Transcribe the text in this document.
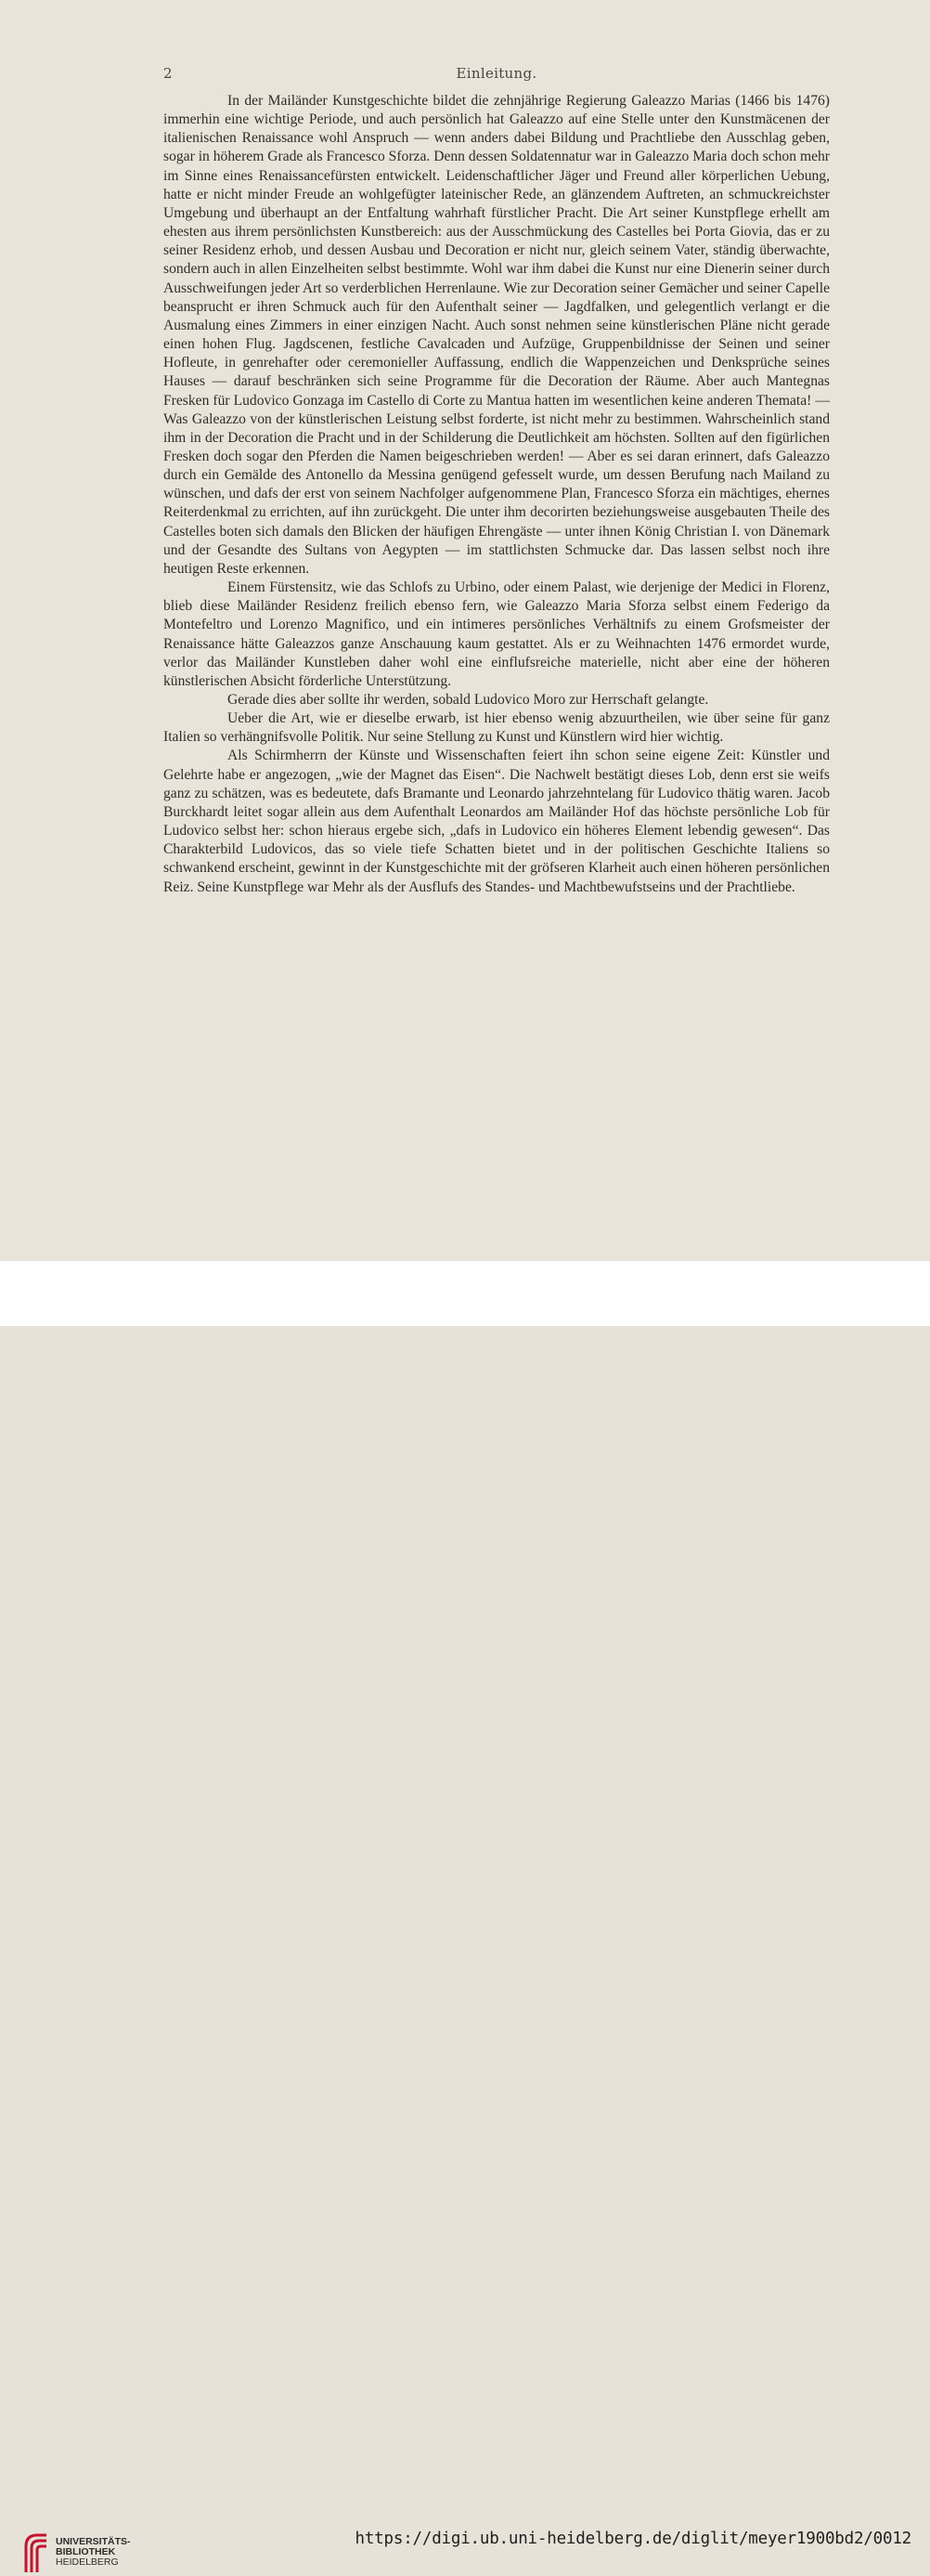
2	Einleitung.

In der Mailänder Kunstgeschichte bildet die zehnjährige Regierung Galeazzo Marias (1466 bis 1476) immerhin eine wichtige Periode, und auch persönlich hat Galeazzo auf eine Stelle unter den Kunstmäcenen der italienischen Renaissance wohl Anspruch — wenn anders dabei Bildung und Prachtliebe den Ausschlag geben, sogar in höherem Grade als Francesco Sforza. Denn dessen Soldatennatur war in Galeazzo Maria doch schon mehr im Sinne eines Renaissancefürsten entwickelt. Leidenschaftlicher Jäger und Freund aller körperlichen Uebung, hatte er nicht minder Freude an wohlgefügter lateinischer Rede, an glänzendem Auftreten, an schmuckreichster Umgebung und überhaupt an der Entfaltung wahrhaft fürstlicher Pracht. Die Art seiner Kunstpflege erhellt am ehesten aus ihrem persönlichsten Kunstbereich: aus der Ausschmückung des Castelles bei Porta Giovia, das er zu seiner Residenz erhob, und dessen Ausbau und Decoration er nicht nur, gleich seinem Vater, ständig überwachte, sondern auch in allen Einzelheiten selbst bestimmte. Wohl war ihm dabei die Kunst nur eine Dienerin seiner durch Ausschweifungen jeder Art so verderblichen Herrenlaune. Wie zur Decoration seiner Gemächer und seiner Capelle beansprucht er ihren Schmuck auch für den Aufenthalt seiner — Jagdfalken, und gelegentlich verlangt er die Ausmalung eines Zimmers in einer einzigen Nacht. Auch sonst nehmen seine künstlerischen Pläne nicht gerade einen hohen Flug. Jagdscenen, festliche Cavalcaden und Aufzüge, Gruppenbildnisse der Seinen und seiner Hofleute, in genrehafter oder ceremonieller Auffassung, endlich die Wappenzeichen und Denksprüche seines Hauses — darauf beschränken sich seine Programme für die Decoration der Räume. Aber auch Mantegnas Fresken für Ludovico Gonzaga im Castello di Corte zu Mantua hatten im wesentlichen keine anderen Themata! — Was Galeazzo von der künstlerischen Leistung selbst forderte, ist nicht mehr zu bestimmen. Wahrscheinlich stand ihm in der Decoration die Pracht und in der Schilderung die Deutlichkeit am höchsten. Sollten auf den figürlichen Fresken doch sogar den Pferden die Namen beigeschrieben werden! — Aber es sei daran erinnert, dafs Galeazzo durch ein Gemälde des Antonello da Messina genügend gefesselt wurde, um dessen Berufung nach Mailand zu wünschen, und dafs der erst von seinem Nachfolger aufgenommene Plan, Francesco Sforza ein mächtiges, ehernes Reiterdenkmal zu errichten, auf ihn zurückgeht. Die unter ihm decorirten beziehungsweise ausgebauten Theile des Castelles boten sich damals den Blicken der häufigen Ehrengäste — unter ihnen König Christian I. von Dänemark und der Gesandte des Sultans von Aegypten — im stattlichsten Schmucke dar. Das lassen selbst noch ihre heutigen Reste erkennen.

Einem Fürstensitz, wie das Schlofs zu Urbino, oder einem Palast, wie derjenige der Medici in Florenz, blieb diese Mailänder Residenz freilich ebenso fern, wie Galeazzo Maria Sforza selbst einem Federigo da Montefeltro und Lorenzo Magnifico, und ein intimeres persönliches Verhältnifs zu einem Grofsmeister der Renaissance hätte Galeazzos ganze Anschauung kaum gestattet. Als er zu Weihnachten 1476 ermordet wurde, verlor das Mailänder Kunstleben daher wohl eine einflufsreiche materielle, nicht aber eine der höheren künstlerischen Absicht förderliche Unterstützung.

Gerade dies aber sollte ihr werden, sobald Ludovico Moro zur Herrschaft gelangte.

Ueber die Art, wie er dieselbe erwarb, ist hier ebenso wenig abzuurtheilen, wie über seine für ganz Italien so verhängnifsvolle Politik. Nur seine Stellung zu Kunst und Künstlern wird hier wichtig.

Als Schirmherrn der Künste und Wissenschaften feiert ihn schon seine eigene Zeit: Künstler und Gelehrte habe er angezogen, „wie der Magnet das Eisen“. Die Nachwelt bestätigt dieses Lob, denn erst sie weifs ganz zu schätzen, was es bedeutete, dafs Bramante und Leonardo jahrzehntelang für Ludovico thätig waren. Jacob Burckhardt leitet sogar allein aus dem Aufenthalt Leonardos am Mailänder Hof das höchste persönliche Lob für Ludovico selbst her: schon hieraus ergebe sich, „dafs in Ludovico ein höheres Element lebendig gewesen“. Das Charakterbild Ludovicos, das so viele tiefe Schatten bietet und in der politischen Geschichte Italiens so schwankend erscheint, gewinnt in der Kunstgeschichte mit der gröfseren Klarheit auch einen höheren persönlichen Reiz. Seine Kunstpflege war Mehr als der Ausflufs des Standes- und Machtbewufstseins und der Prachtliebe.

UNIVERSITÄTS-
BIBLIOTHEK
HEIDELBERG
https://digi.ub.uni-heidelberg.de/diglit/meyer1900bd2/0012
